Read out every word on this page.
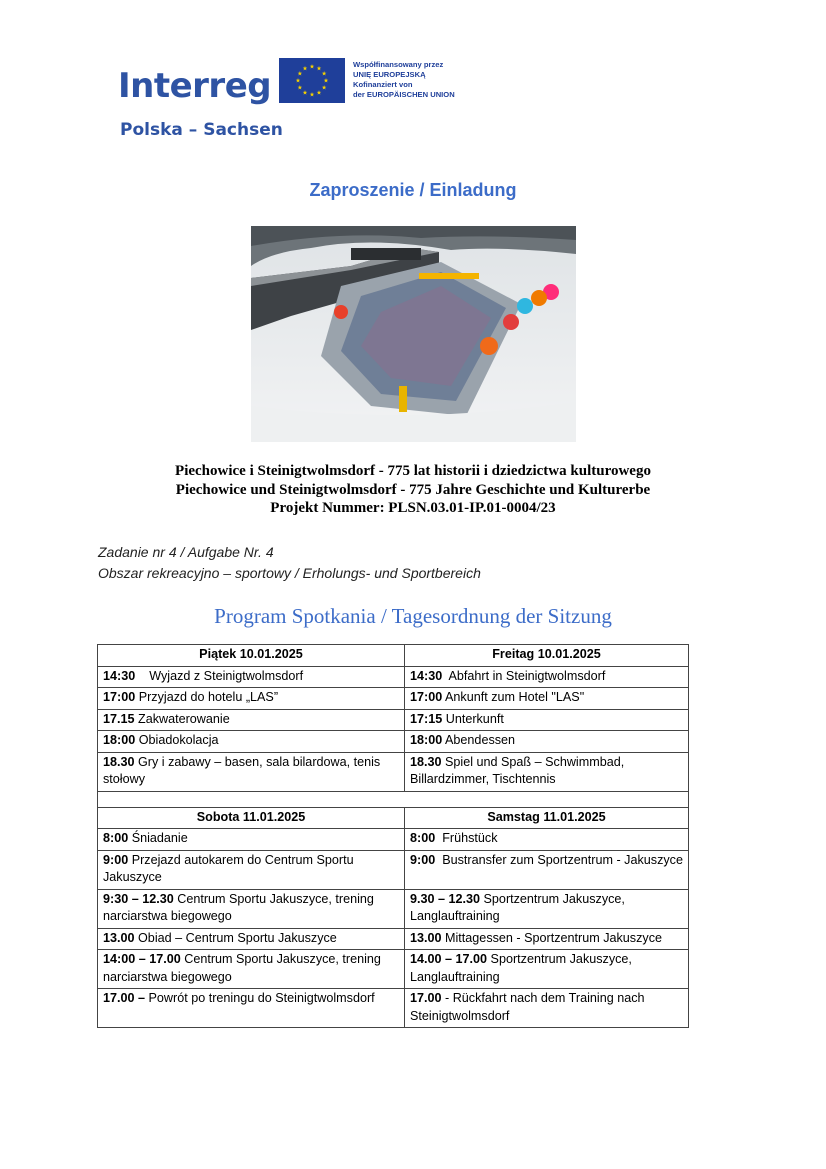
Interreg
Współfinansowany przez
UNIĘ EUROPEJSKĄ
Kofinanziert von
der EUROPÄISCHEN UNION
Polska – Sachsen
Zaproszenie / Einladung
Piechowice i Steinigtwolmsdorf - 775 lat historii i dziedzictwa kulturowego
Piechowice und Steinigtwolmsdorf - 775 Jahre Geschichte und Kulturerbe
Projekt Nummer: PLSN.03.01-IP.01-0004/23
Zadanie nr 4 / Aufgabe Nr. 4
Obszar rekreacyjno – sportowy / Erholungs- und Sportbereich
Program Spotkania / Tagesordnung der Sitzung
Piątek 10.01.2025	Freitag 10.01.2025
14:30    Wyjazd z Steinigtwolmsdorf	14:30  Abfahrt in Steinigtwolmsdorf
17:00 Przyjazd do hotelu „LAS”	17:00 Ankunft zum Hotel "LAS"
17.15 Zakwaterowanie	17:15 Unterkunft
18:00 Obiadokolacja	18:00 Abendessen
18.30 Gry i zabawy – basen, sala bilardowa, tenis stołowy	18.30 Spiel und Spaß – Schwimmbad, Billardzimmer, Tischtennis

Sobota 11.01.2025	Samstag 11.01.2025
8:00 Śniadanie	8:00  Frühstück
9:00 Przejazd autokarem do Centrum Sportu Jakuszyce	9:00  Bustransfer zum Sportzentrum - Jakuszyce
9:30 – 12.30 Centrum Sportu Jakuszyce, trening narciarstwa biegowego	9.30 – 12.30 Sportzentrum Jakuszyce, Langlauftraining
13.00 Obiad – Centrum Sportu Jakuszyce	13.00 Mittagessen - Sportzentrum Jakuszyce
14:00 – 17.00 Centrum Sportu Jakuszyce, trening narciarstwa biegowego	14.00 – 17.00 Sportzentrum Jakuszyce, Langlauftraining
17.00 – Powrót po treningu do Steinigtwolmsdorf	17.00 - Rückfahrt nach dem Training nach Steinigtwolmsdorf
